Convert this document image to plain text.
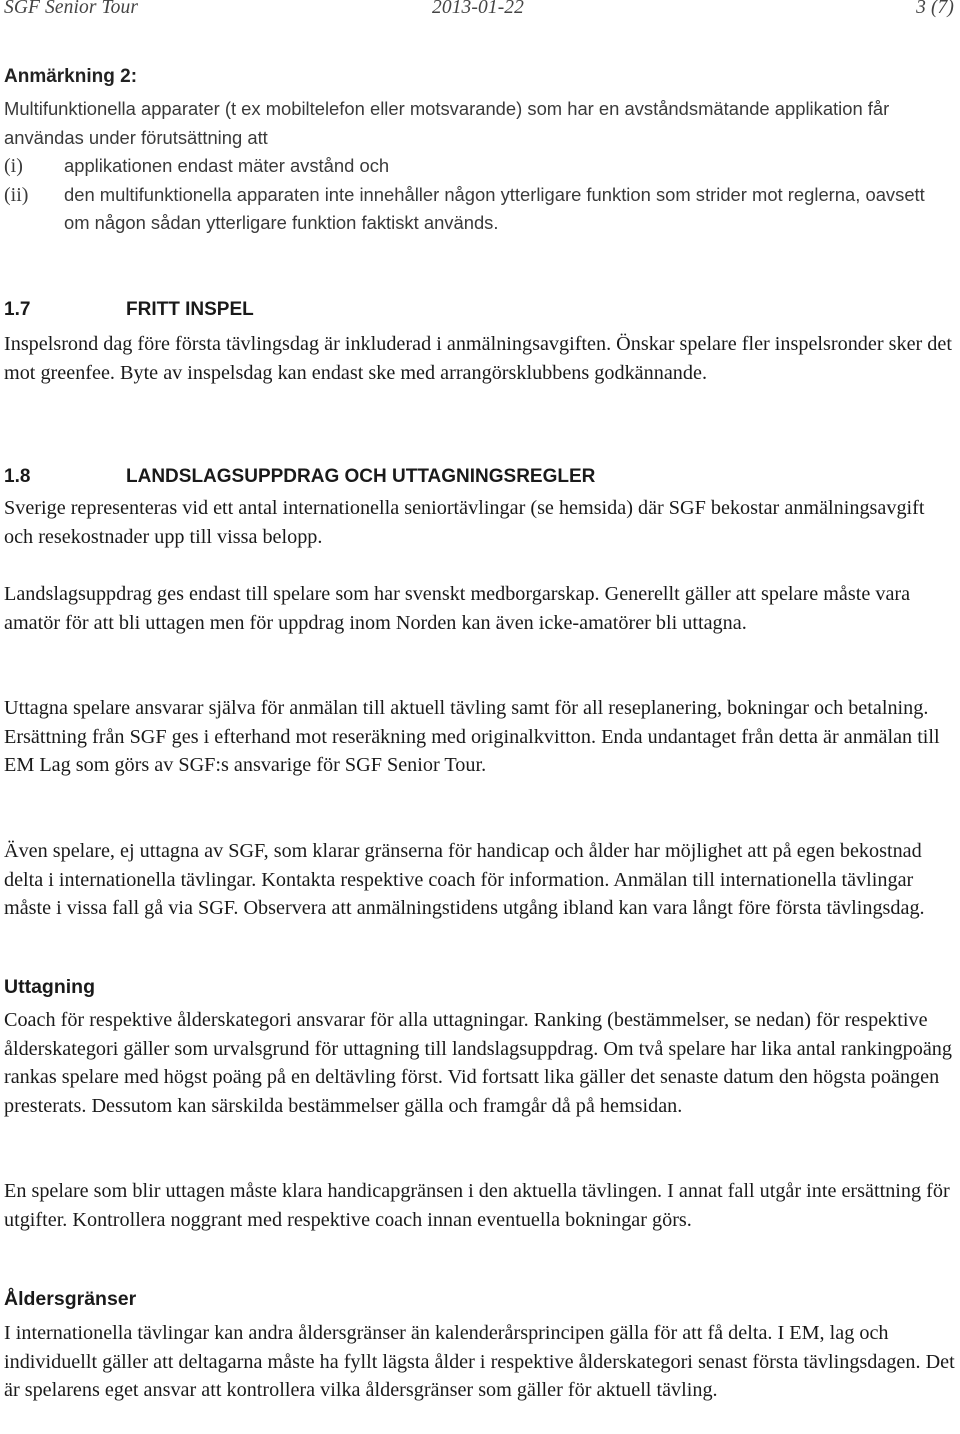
SGF Senior Tour	2013-01-22	3 (7)
Anmärkning 2:

Multifunktionella apparater (t ex mobiltelefon eller motsvarande) som har en avståndsmätande applikation får användas under förutsättning att

(i) applikationen endast mäter avstånd och
(ii) den multifunktionella apparaten inte innehåller någon ytterligare funktion som strider mot reglerna, oavsett om någon sådan ytterligare funktion faktiskt används.
1.7	FRITT INSPEL

Inspelsrond dag före första tävlingsdag är inkluderad i anmälningsavgiften. Önskar spelare fler inspelsronder sker det mot greenfee. Byte av inspelsdag kan endast ske med arrangörsklubbens godkännande.

1.8	LANDSLAGSUPPDRAG OCH UTTAGNINGSREGLER

Sverige representeras vid ett antal internationella seniortävlingar (se hemsida) där SGF bekostar anmälningsavgift och resekostnader upp till vissa belopp.

Landslagsuppdrag ges endast till spelare som har svenskt medborgarskap. Generellt gäller att spelare måste vara amatör för att bli uttagen men för uppdrag inom Norden kan även icke-amatörer bli uttagna.

Uttagna spelare ansvarar själva för anmälan till aktuell tävling samt för all reseplanering, bokningar och betalning. Ersättning från SGF ges i efterhand mot reseräkning med originalkvitton. Enda undantaget från detta är anmälan till EM Lag som görs av SGF:s ansvarige för SGF Senior Tour.

Även spelare, ej uttagna av SGF, som klarar gränserna för handicap och ålder har möjlighet att på egen bekostnad delta i internationella tävlingar. Kontakta respektive coach för information. Anmälan till internationella tävlingar måste i vissa fall gå via SGF. Observera att anmälningstidens utgång ibland kan vara långt före första tävlingsdag.

Uttagning

Coach för respektive ålderskategori ansvarar för alla uttagningar. Ranking (bestämmelser, se nedan) för respektive ålderskategori gäller som urvalsgrund för uttagning till landslagsuppdrag. Om två spelare har lika antal rankingpoäng rankas spelare med högst poäng på en deltävling först. Vid fortsatt lika gäller det senaste datum den högsta poängen presterats. Dessutom kan särskilda bestämmelser gälla och framgår då på hemsidan.

En spelare som blir uttagen måste klara handicapgränsen i den aktuella tävlingen. I annat fall utgår inte ersättning för utgifter. Kontrollera noggrant med respektive coach innan eventuella bokningar görs.

Åldersgränser

I internationella tävlingar kan andra åldersgränser än kalenderårsprincipen gälla för att få delta. I EM, lag och individuellt gäller att deltagarna måste ha fyllt lägsta ålder i respektive ålderskategori senast första tävlingsdagen. Det är spelarens eget ansvar att kontrollera vilka åldersgränser som gäller för aktuell tävling.
